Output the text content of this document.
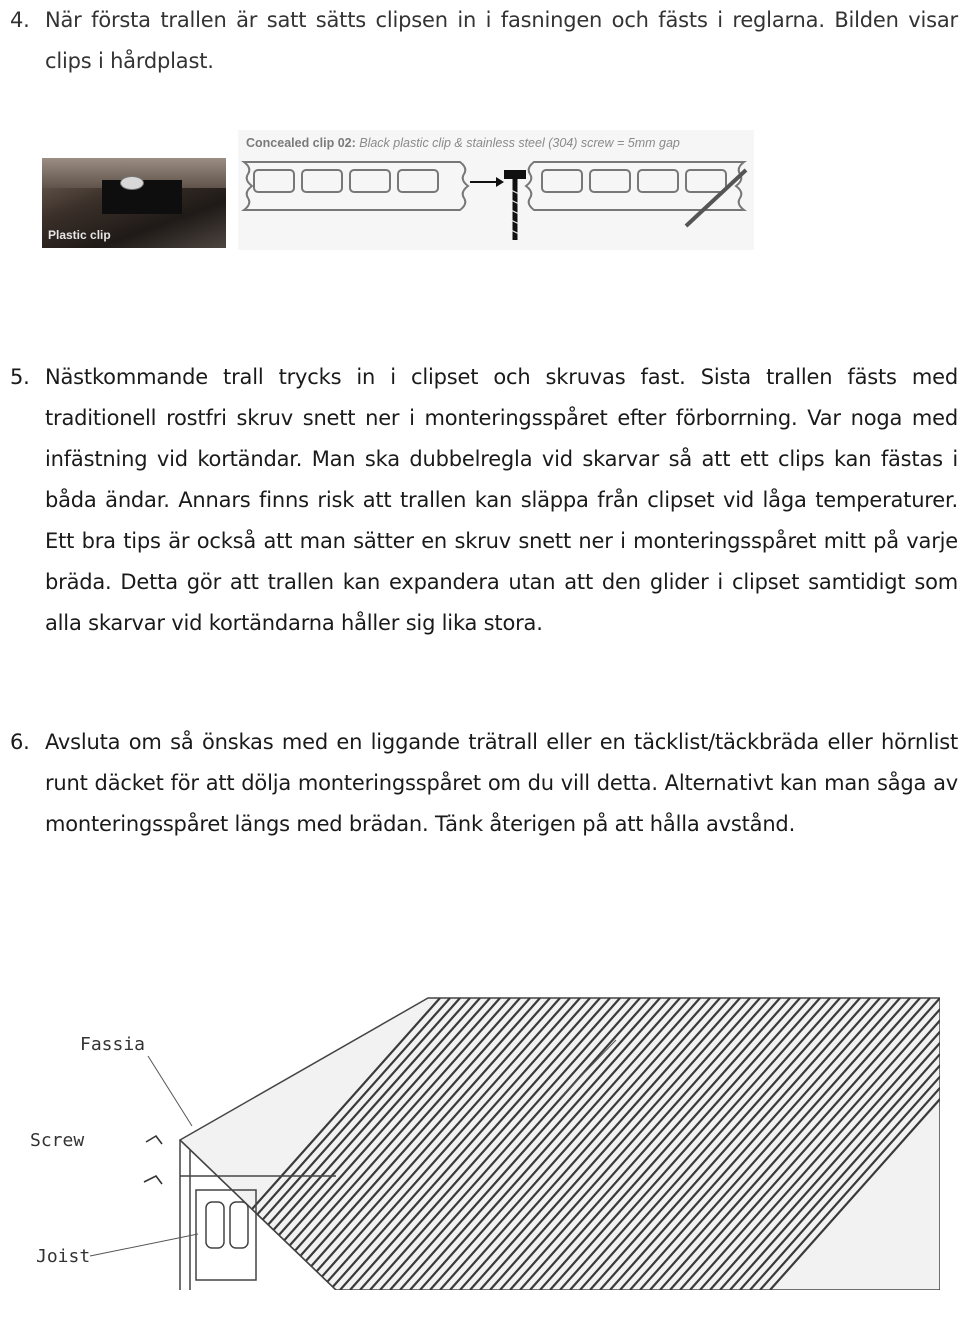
4. När första trallen är satt sätts clipsen in i fasningen och fästs i reglarna. Bilden visar clips i hårdplast.
Plastic clip
Concealed clip 02: Black plastic clip & stainless steel (304) screw = 5mm gap
5. Nästkommande trall trycks in i clipset och skruvas fast. Sista trallen fästs med traditionell rostfri skruv snett ner i monteringsspåret efter förborrning. Var noga med infästning vid kortändar. Man ska dubbelregla vid skarvar så att ett clips kan fästas i båda ändar. Annars finns risk att trallen kan släppa från clipset vid låga temperaturer. Ett bra tips är också att man sätter en skruv snett ner i monteringsspåret mitt på varje bräda. Detta gör att trallen kan expandera utan att den glider i clipset samtidigt som alla skarvar vid kortändarna håller sig lika stora.
6. Avsluta om så önskas med en liggande trätrall eller en täcklist/täckbräda eller hörnlist runt däcket för att dölja monteringsspåret om du vill detta. Alternativt kan man såga av monteringsspåret längs med brädan. Tänk återigen på att hålla avstånd.
Fassia
Screw
Joist
